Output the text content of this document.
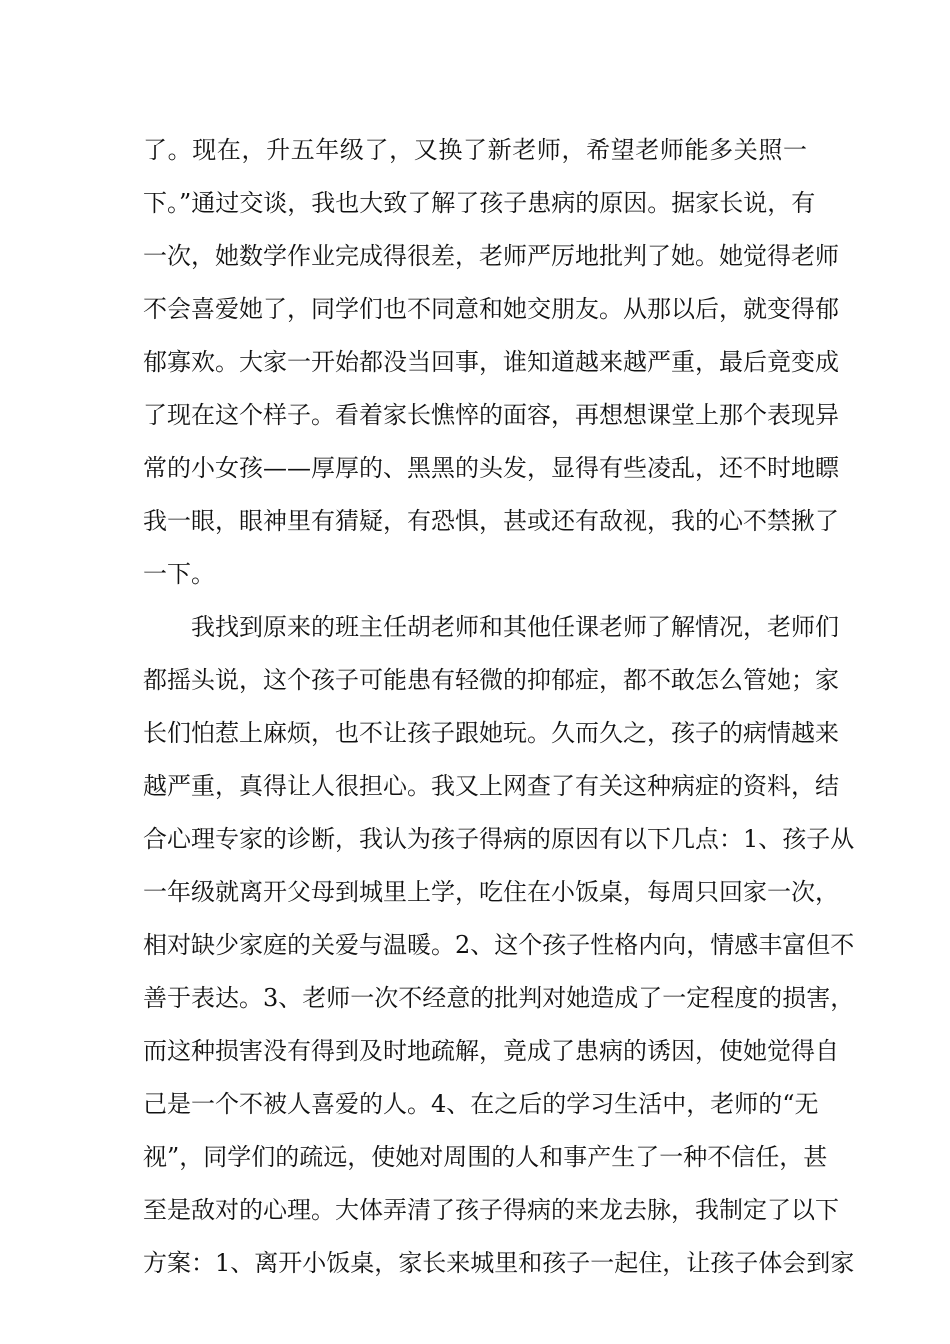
了。现在，升五年级了，又换了新老师，希望老师能多关照一
下。”通过交谈，我也大致了解了孩子患病的原因。据家长说，有
一次，她数学作业完成得很差，老师严厉地批判了她。她觉得老师
不会喜爱她了，同学们也不同意和她交朋友。从那以后，就变得郁
郁寡欢。大家一开始都没当回事，谁知道越来越严重，最后竟变成
了现在这个样子。看着家长憔悴的面容，再想想课堂上那个表现异
常的小女孩——厚厚的、黑黑的头发，显得有些凌乱，还不时地瞟
我一眼，眼神里有猜疑，有恐惧，甚或还有敌视，我的心不禁揪了
一下。
我找到原来的班主任胡老师和其他任课老师了解情况，老师们
都摇头说，这个孩子可能患有轻微的抑郁症，都不敢怎么管她；家
长们怕惹上麻烦，也不让孩子跟她玩。久而久之，孩子的病情越来
越严重，真得让人很担心。我又上网查了有关这种病症的资料，结
合心理专家的诊断，我认为孩子得病的原因有以下几点：1、孩子从
一年级就离开父母到城里上学，吃住在小饭桌，每周只回家一次，
相对缺少家庭的关爱与温暖。2、这个孩子性格内向，情感丰富但不
善于表达。3、老师一次不经意的批判对她造成了一定程度的损害，
而这种损害没有得到及时地疏解，竟成了患病的诱因，使她觉得自
己是一个不被人喜爱的人。4、在之后的学习生活中，老师的“无
视”，同学们的疏远，使她对周围的人和事产生了一种不信任，甚
至是敌对的心理。大体弄清了孩子得病的来龙去脉，我制定了以下
方案：1、离开小饭桌，家长来城里和孩子一起住，让孩子体会到家
